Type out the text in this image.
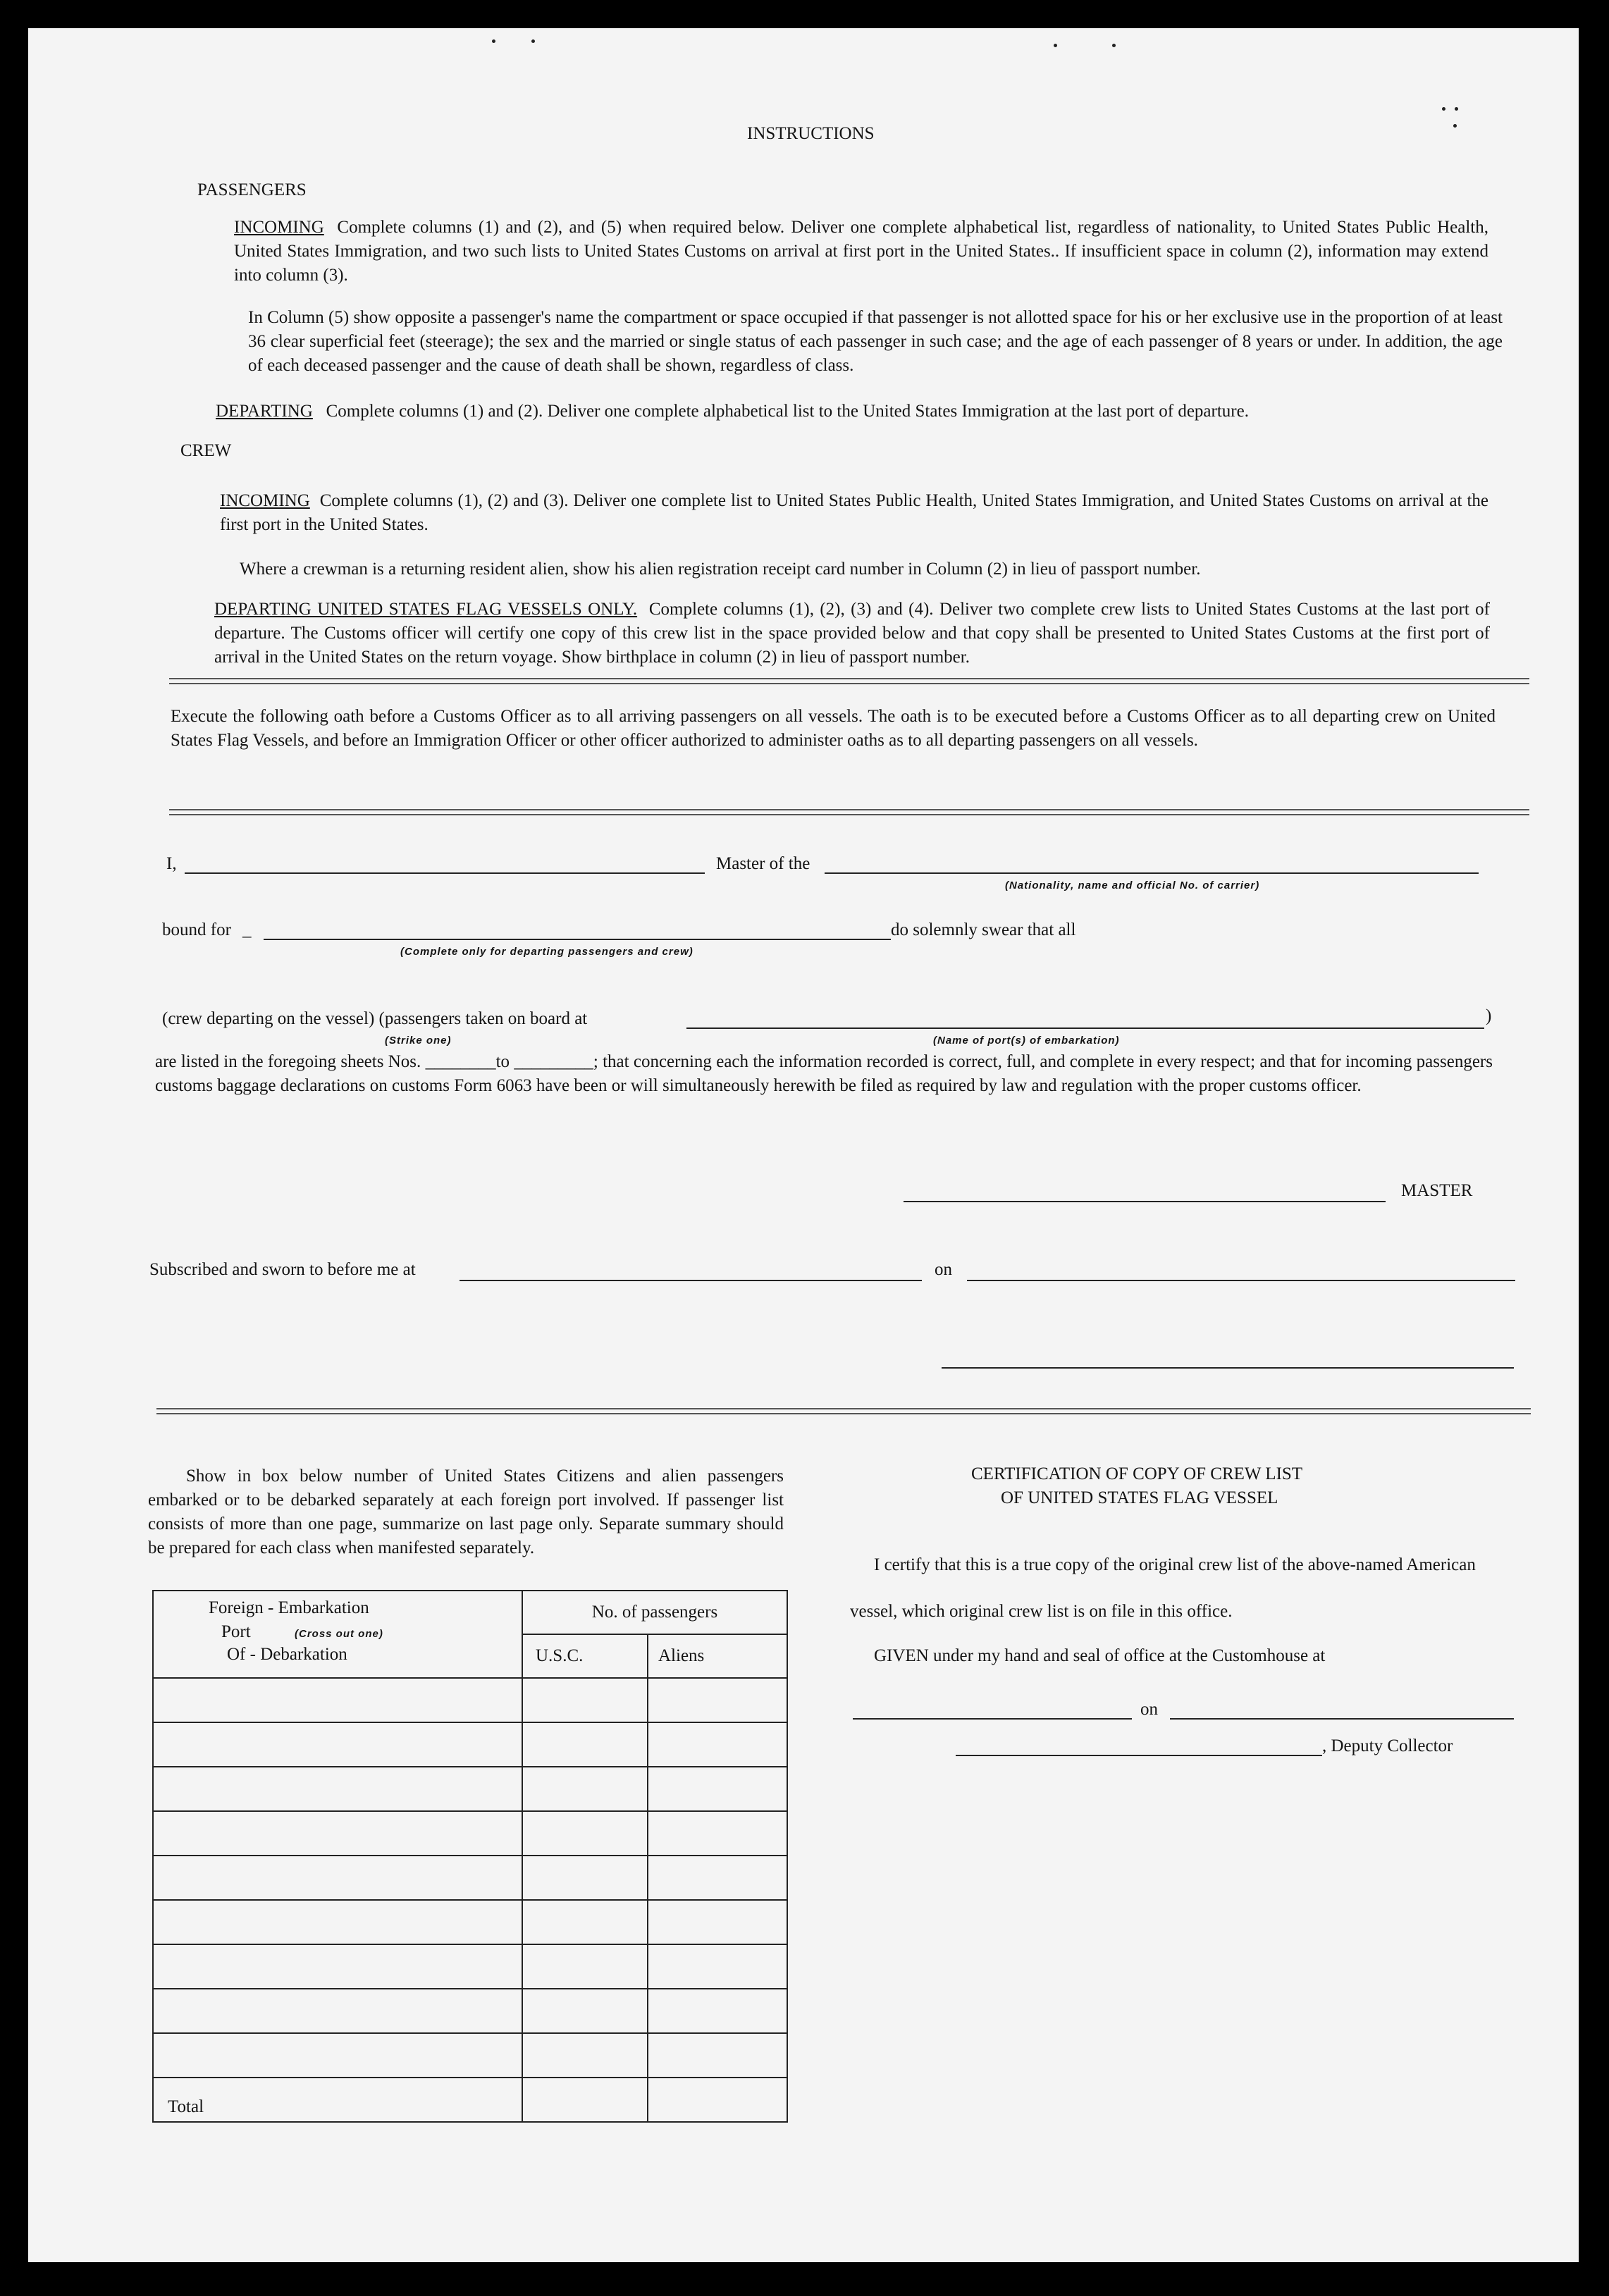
INSTRUCTIONS
PASSENGERS
INCOMING Complete columns (1) and (2), and (5) when required below. Deliver one complete alphabetical list, regardless of nationality, to United States Public Health, United States Immigration, and two such lists to United States Customs on arrival at first port in the United States.. If insufficient space in column (2), information may extend into column (3).
In Column (5) show opposite a passenger's name the compartment or space occupied if that passenger is not allotted space for his or her exclusive use in the proportion of at least 36 clear superficial feet (steerage); the sex and the married or single status of each passenger in such case; and the age of each passenger of 8 years or under. In addition, the age of each deceased passenger and the cause of death shall be shown, regardless of class.
DEPARTING Complete columns (1) and (2). Deliver one complete alphabetical list to the United States Immigration at the last port of departure.
CREW
INCOMING Complete columns (1), (2) and (3). Deliver one complete list to United States Public Health, United States Immigration, and United States Customs on arrival at the first port in the United States.
Where a crewman is a returning resident alien, show his alien registration receipt card number in Column (2) in lieu of passport number.
DEPARTING UNITED STATES FLAG VESSELS ONLY. Complete columns (1), (2), (3) and (4). Deliver two complete crew lists to United States Customs at the last port of departure. The Customs officer will certify one copy of this crew list in the space provided below and that copy shall be presented to United States Customs at the first port of arrival in the United States on the return voyage. Show birthplace in column (2) in lieu of passport number.
Execute the following oath before a Customs Officer as to all arriving passengers on all vessels. The oath is to be executed before a Customs Officer as to all departing crew on United States Flag Vessels, and before an Immigration Officer or other officer authorized to administer oaths as to all departing passengers on all vessels.
I,	Master of the
(Nationality, name and official No. of carrier)
bound for _	do solemnly swear that all
(Complete only for departing passengers and crew)
(crew departing on the vessel) (passengers taken on board at	)
(Strike one)	(Name of port(s) of embarkation)
are listed in the foregoing sheets Nos. ________to _________; that concerning each the information recorded is correct, full, and complete in every respect; and that for incoming passengers customs baggage declarations on customs Form 6063 have been or will simultaneously herewith be filed as required by law and regulation with the proper customs officer.
MASTER
Subscribed and sworn to before me at	on
Show in box below number of United States Citizens and alien passengers embarked or to be debarked separately at each foreign port involved. If passenger list consists of more than one page, summarize on last page only. Separate summary should be prepared for each class when manifested separately.
Foreign - Embarkation
Port (Cross out one)
Of - Debarkation	No. of passengers	
	U.S.C.	Aliens

Total		
CERTIFICATION OF COPY OF CREW LIST
OF UNITED STATES FLAG VESSEL
I certify that this is a true copy of the original crew list of the above-named American vessel, which original crew list is on file in this office.
GIVEN under my hand and seal of office at the Customhouse at
on
, Deputy Collector
